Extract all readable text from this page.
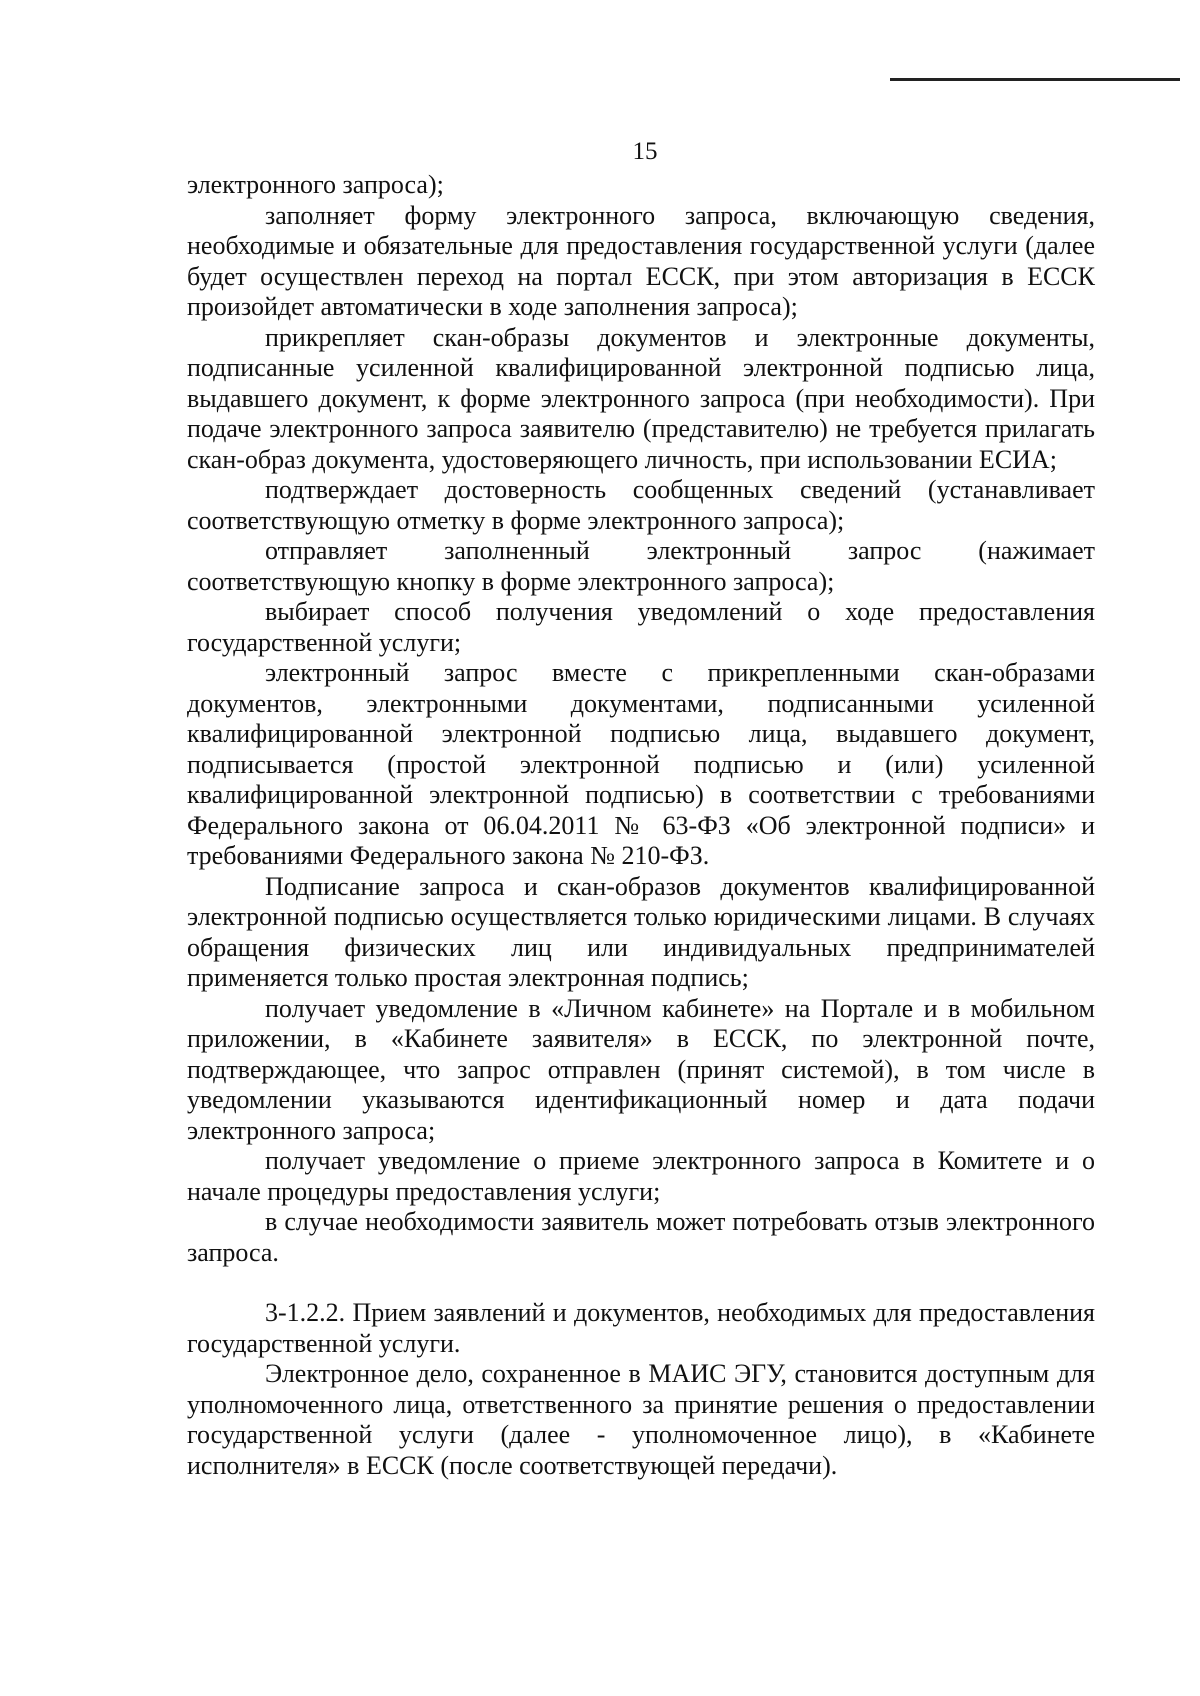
15

электронного запроса);

заполняет форму электронного запроса, включающую сведения, необходимые и обязательные для предоставления государственной услуги (далее будет осуществлен переход на портал ЕССК, при этом авторизация в ЕССК произойдет автоматически в ходе заполнения запроса);

прикрепляет скан-образы документов и электронные документы, подписанные усиленной квалифицированной электронной подписью лица, выдавшего документ, к форме электронного запроса (при необходимости). При подаче электронного запроса заявителю (представителю) не требуется прилагать скан-образ документа, удостоверяющего личность, при использовании ЕСИА;

подтверждает достоверность сообщенных сведений (устанавливает соответствующую отметку в форме электронного запроса);

отправляет заполненный электронный запрос (нажимает соответствующую кнопку в форме электронного запроса);

выбирает способ получения уведомлений о ходе предоставления государственной услуги;

электронный запрос вместе с прикрепленными скан-образами документов, электронными документами, подписанными усиленной квалифицированной электронной подписью лица, выдавшего документ, подписывается (простой электронной подписью и (или) усиленной квалифицированной электронной подписью) в соответствии с требованиями Федерального закона от 06.04.2011 № 63-ФЗ «Об электронной подписи» и требованиями Федерального закона № 210-ФЗ.

Подписание запроса и скан-образов документов квалифицированной электронной подписью осуществляется только юридическими лицами. В случаях обращения физических лиц или индивидуальных предпринимателей применяется только простая электронная подпись;

получает уведомление в «Личном кабинете» на Портале и в мобильном приложении, в «Кабинете заявителя» в ЕССК, по электронной почте, подтверждающее, что запрос отправлен (принят системой), в том числе в уведомлении указываются идентификационный номер и дата подачи электронного запроса;

получает уведомление о приеме электронного запроса в Комитете и о начале процедуры предоставления услуги;

в случае необходимости заявитель может потребовать отзыв электронного запроса.

3-1.2.2. Прием заявлений и документов, необходимых для предоставления государственной услуги.

Электронное дело, сохраненное в МАИС ЭГУ, становится доступным для уполномоченного лица, ответственного за принятие решения о предоставлении государственной услуги (далее - уполномоченное лицо), в «Кабинете исполнителя» в ЕССК (после соответствующей передачи).
